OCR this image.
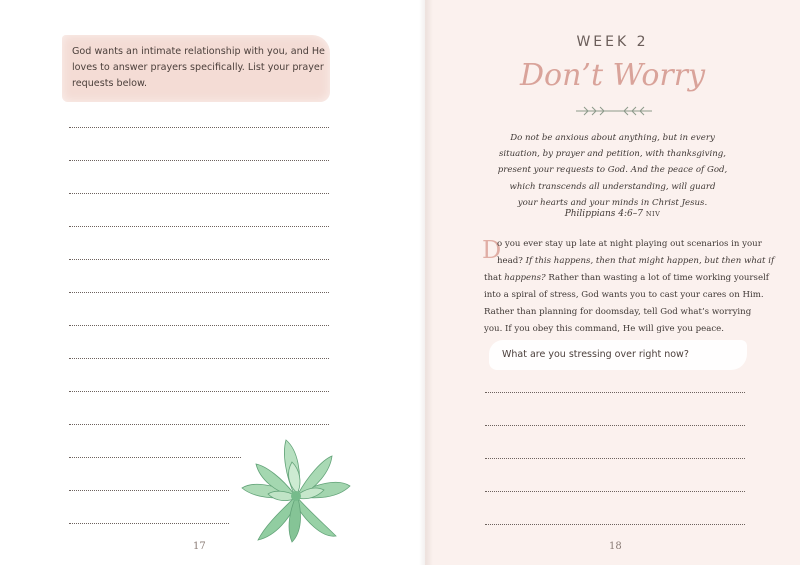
God wants an intimate relationship with you, and He
loves to answer prayers specifically. List your prayer
requests below.
17
WEEK 2
Don’t Worry
Do not be anxious about anything, but in every
situation, by prayer and petition, with thanksgiving,
present your requests to God. And the peace of God,
which transcends all understanding, will guard
your hearts and your minds in Christ Jesus.
Philippians 4:6–7 NIV
D
o you ever stay up late at night playing out scenarios in your
head? If this happens, then that might happen, but then what if
that happens? Rather than wasting a lot of time working yourself
into a spiral of stress, God wants you to cast your cares on Him.
Rather than planning for doomsday, tell God what’s worrying
you. If you obey this command, He will give you peace.
What are you stressing over right now?
18
